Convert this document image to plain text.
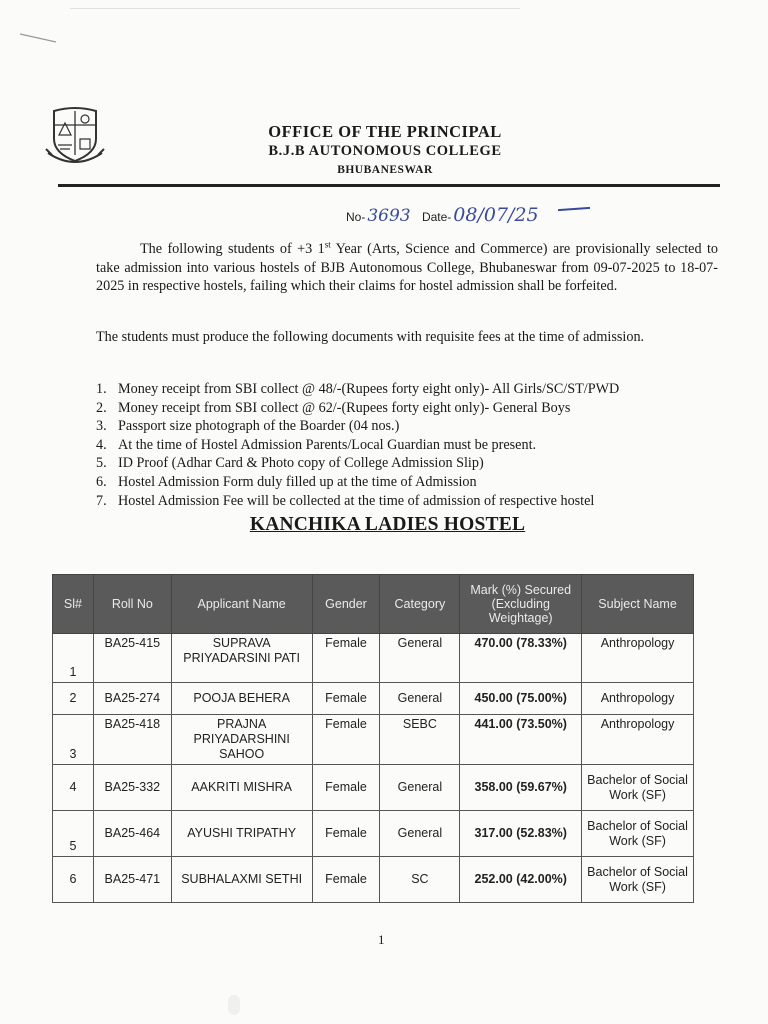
OFFICE OF THE PRINCIPAL
B.J.B AUTONOMOUS COLLEGE
BHUBANESWAR
No- 3693 Date- 08/07/25
The following students of +3 1st Year (Arts, Science and Commerce) are provisionally selected to take admission into various hostels of BJB Autonomous College, Bhubaneswar from 09-07-2025 to 18-07-2025 in respective hostels, failing which their claims for hostel admission shall be forfeited.
The students must produce the following documents with requisite fees at the time of admission.
1. Money receipt from SBI collect @ 48/-(Rupees forty eight only)- All Girls/SC/ST/PWD
2. Money receipt from SBI collect @ 62/-(Rupees forty eight only)- General Boys
3. Passport size photograph of the Boarder (04 nos.)
4. At the time of Hostel Admission Parents/Local Guardian must be present.
5. ID Proof (Adhar Card & Photo copy of College Admission Slip)
6. Hostel Admission Form duly filled up at the time of Admission
7. Hostel Admission Fee will be collected at the time of admission of respective hostel
KANCHIKA LADIES HOSTEL
Sl#	Roll No	Applicant Name	Gender	Category	Mark (%) Secured (Excluding Weightage)	Subject Name
1	BA25-415	SUPRAVA PRIYADARSINI PATI	Female	General	470.00 (78.33%)	Anthropology
2	BA25-274	POOJA BEHERA	Female	General	450.00 (75.00%)	Anthropology
3	BA25-418	PRAJNA PRIYADARSHINI SAHOO	Female	SEBC	441.00 (73.50%)	Anthropology
4	BA25-332	AAKRITI MISHRA	Female	General	358.00 (59.67%)	Bachelor of Social Work (SF)
5	BA25-464	AYUSHI TRIPATHY	Female	General	317.00 (52.83%)	Bachelor of Social Work (SF)
6	BA25-471	SUBHALAXMI SETHI	Female	SC	252.00 (42.00%)	Bachelor of Social Work (SF)
1
